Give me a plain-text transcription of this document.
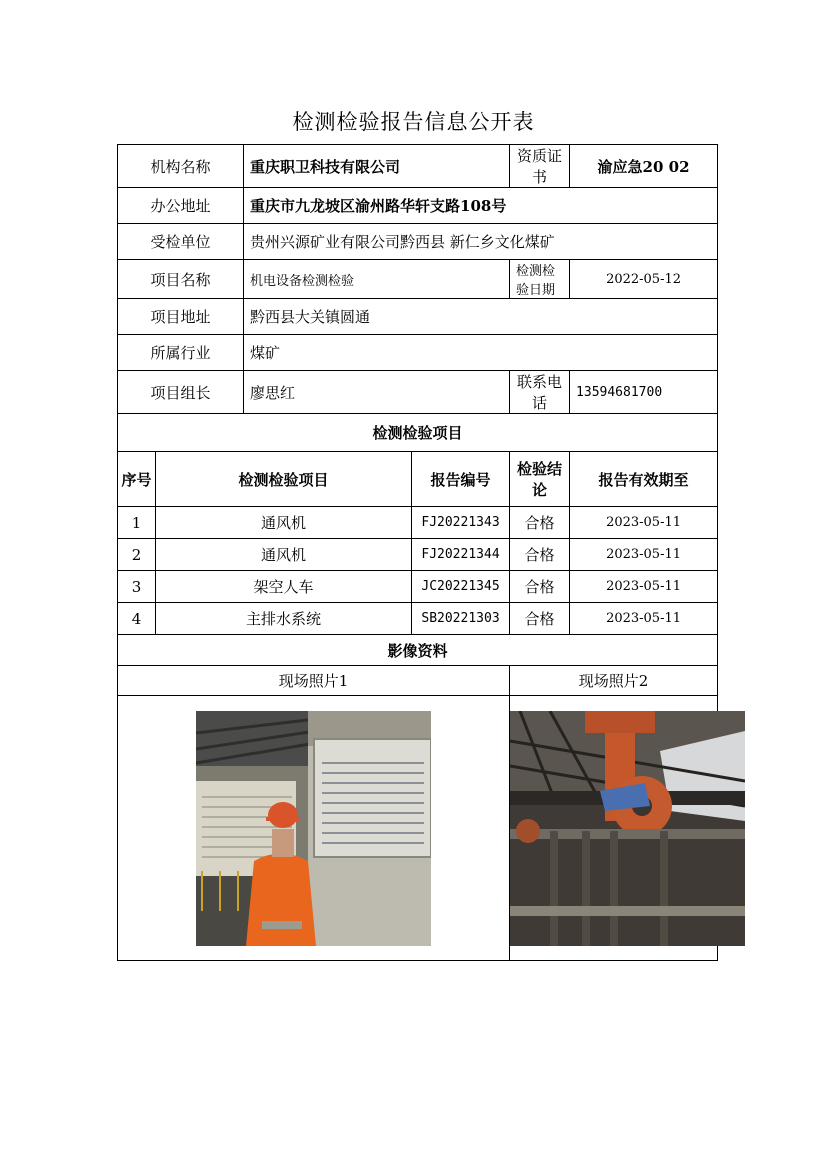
检测检验报告信息公开表
机构名称		重庆职卫科技有限公司		资质证书	渝应急20 02
办公地址		重庆市九龙坡区渝州路华轩支路108号			
受检单位		贵州兴源矿业有限公司黔西县 新仁乡文化煤矿			
项目名称		机电设备检测检验		检测检验日期	2022-05-12
项目地址		黔西县大关镇圆通			
所属行业		煤矿			
项目组长		廖思红		联系电话	13594681700
检测检验项目					
序号	检测检验项目		报告编号	检验结论	报告有效期至
1	通风机		FJ20221343	合格	2023-05-11
2	通风机		FJ20221344	合格	2023-05-11
3	架空人车		JC20221345	合格	2023-05-11
4	主排水系统		SB20221303	合格	2023-05-11
影像资料					
现场照片1				现场照片2	
